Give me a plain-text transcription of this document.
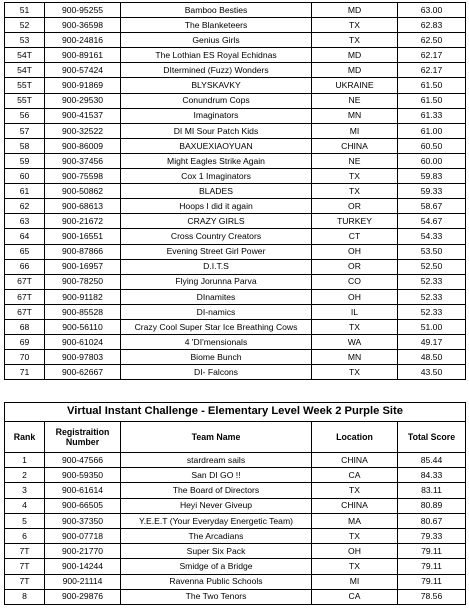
51	900-95255	Bamboo Besties	MD	63.00
52	900-36598	The Blanketeers	TX	62.83
53	900-24816	Genius Girls	TX	62.50
54T	900-89161	The Lothian ES Royal Echidnas	MD	62.17
54T	900-57424	DItermined (Fuzz) Wonders	MD	62.17
55T	900-91869	BLYSKAVKY	UKRAINE	61.50
55T	900-29530	Conundrum Cops	NE	61.50
56	900-41537	Imaginators	MN	61.33
57	900-32522	DI MI Sour Patch Kids	MI	61.00
58	900-86009	BAXUEXIAOYUAN	CHINA	60.50
59	900-37456	Might Eagles Strike Again	NE	60.00
60	900-75598	Cox 1 Imaginators	TX	59.83
61	900-50862	BLADES	TX	59.33
62	900-68613	Hoops I did it again	OR	58.67
63	900-21672	CRAZY GIRLS	TURKEY	54.67
64	900-16551	Cross Country Creators	CT	54.33
65	900-87866	Evening Street Girl Power	OH	53.50
66	900-16957	D.I.T.S	OR	52.50
67T	900-78250	Flying Jorunna Parva	CO	52.33
67T	900-91182	DInamites	OH	52.33
67T	900-85528	DI-namics	IL	52.33
68	900-56110	Crazy Cool Super Star Ice Breathing Cows	TX	51.00
69	900-61024	4 'DI'mensionals	WA	49.17
70	900-97803	Biome Bunch	MN	48.50
71	900-62667	DI- Falcons	TX	43.50
Virtual Instant Challenge - Elementary Level Week 2 Purple Site				
Rank	Registraition Number	Team Name	Location	Total Score
1	900-47566	stardream sails	CHINA	85.44
2	900-59350	San DI GO !!	CA	84.33
3	900-61614	The Board of Directors	TX	83.11
4	900-66505	Heyi Never Giveup	CHINA	80.89
5	900-37350	Y.E.E.T (Your Everyday Energetic Team)	MA	80.67
6	900-07718	The Arcadians	TX	79.33
7T	900-21770	Super Six Pack	OH	79.11
7T	900-14244	Smidge of a Bridge	TX	79.11
7T	900-21114	Ravenna Public Schools	MI	79.11
8	900-29876	The Two Tenors	CA	78.56
